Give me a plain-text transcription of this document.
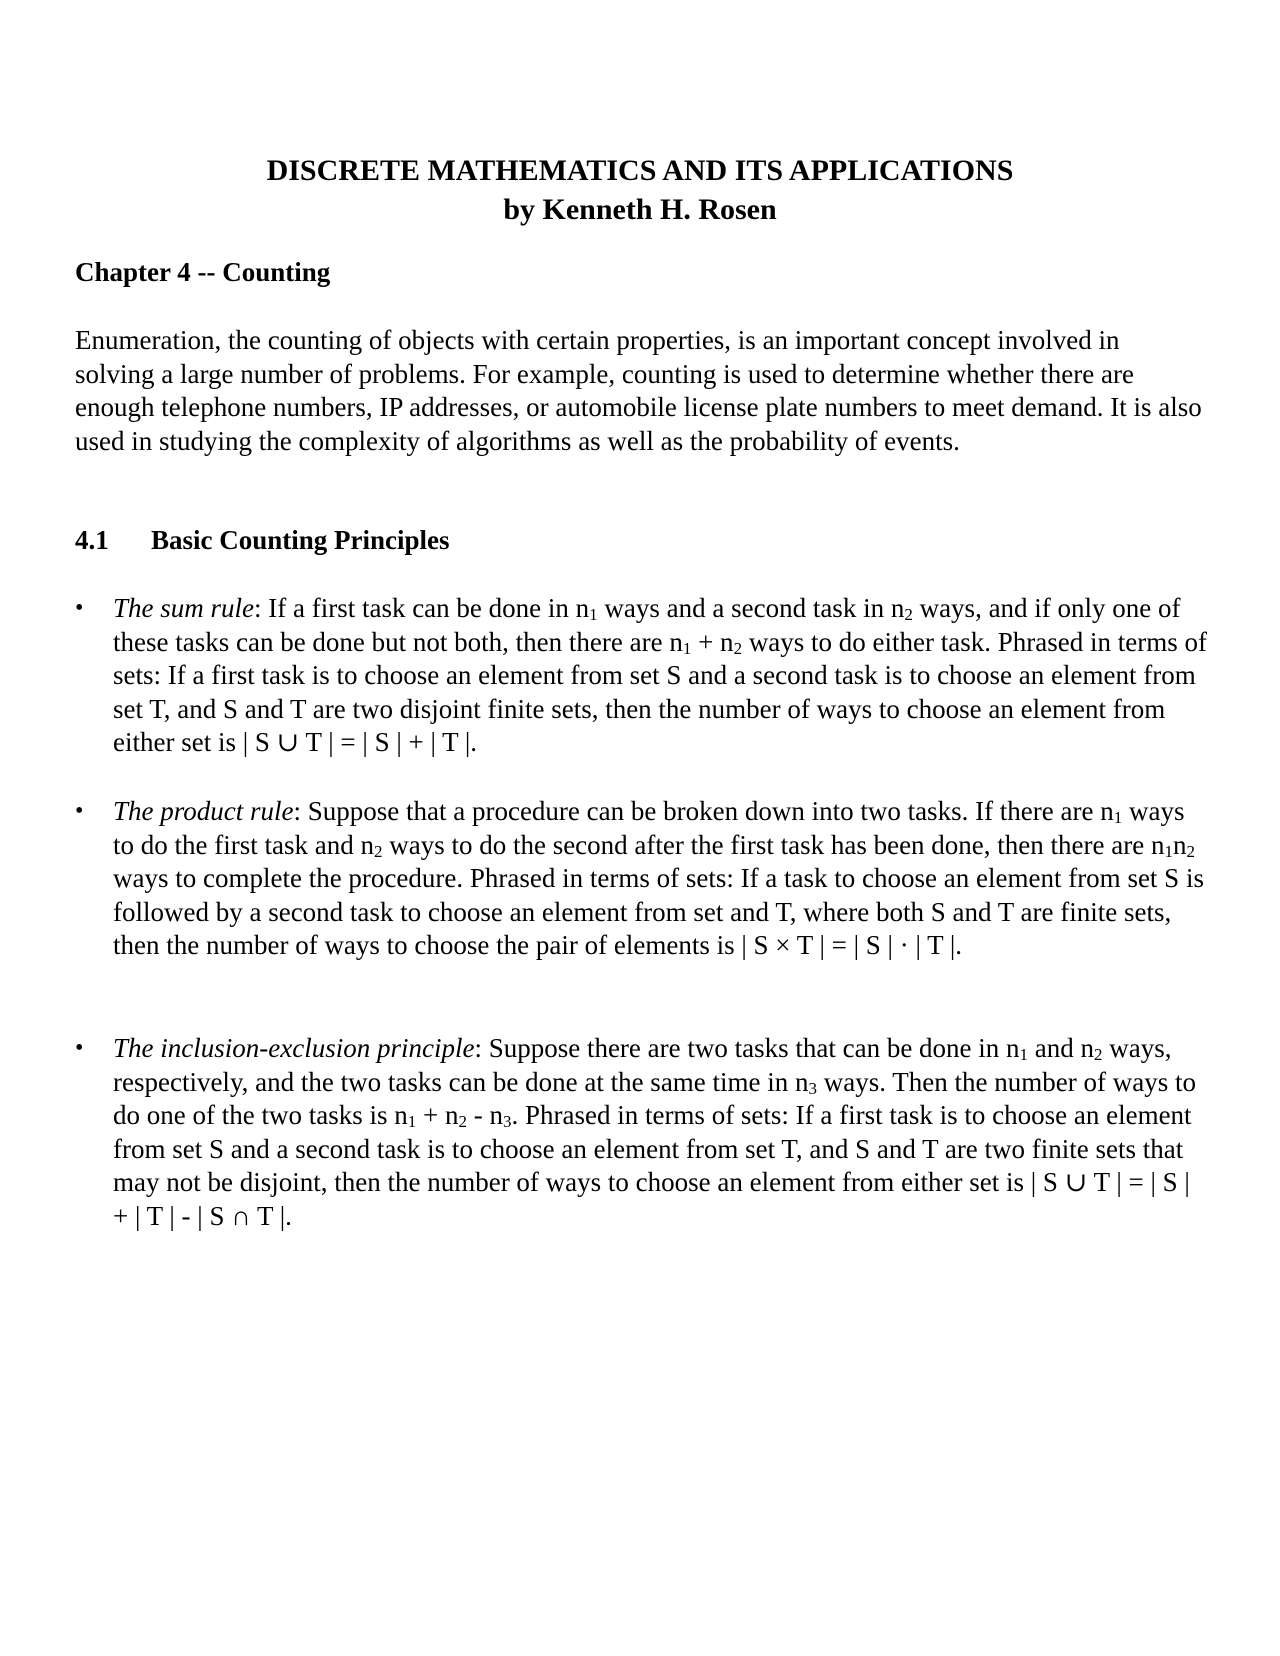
DISCRETE MATHEMATICS AND ITS APPLICATIONS
by Kenneth H. Rosen
Chapter 4 -- Counting

Enumeration, the counting of objects with certain properties, is an important concept involved in solving a large number of problems. For example, counting is used to determine whether there are enough telephone numbers, IP addresses, or automobile license plate numbers to meet demand. It is also used in studying the complexity of algorithms as well as the probability of events.

4.1 Basic Counting Principles
•	The sum rule: If a first task can be done in $n_1$ ways and a second task in $n_2$ ways, and if only one of these tasks can be done but not both, then there are $n_1 + n_2$ ways to do either task. Phrased in terms of sets: If a first task is to choose an element from set S and a second task is to choose an element from set T, and S and T are two disjoint finite sets, then the number of ways to choose an element from either set is | S ∪ T | = | S | + | T |.
•	The product rule: Suppose that a procedure can be broken down into two tasks. If there are $n_1$ ways to do the first task and $n_2$ ways to do the second after the first task has been done, then there are $n_1n_2$ ways to complete the procedure. Phrased in terms of sets: If a task to choose an element from set S is followed by a second task to choose an element from set and T, where both S and T are finite sets, then the number of ways to choose the pair of elements is | S × T | = | S | · | T |.
•	The inclusion-exclusion principle: Suppose there are two tasks that can be done in $n_1$ and $n_2$ ways, respectively, and the two tasks can be done at the same time in $n_3$ ways. Then the number of ways to do one of the two tasks is $n_1 + n_2 - n_3$. Phrased in terms of sets: If a first task is to choose an element from set S and a second task is to choose an element from set T, and S and T are two finite sets that may not be disjoint, then the number of ways to choose an element from either set is | S ∪ T | = | S | + | T | - | S ∩ T |.
